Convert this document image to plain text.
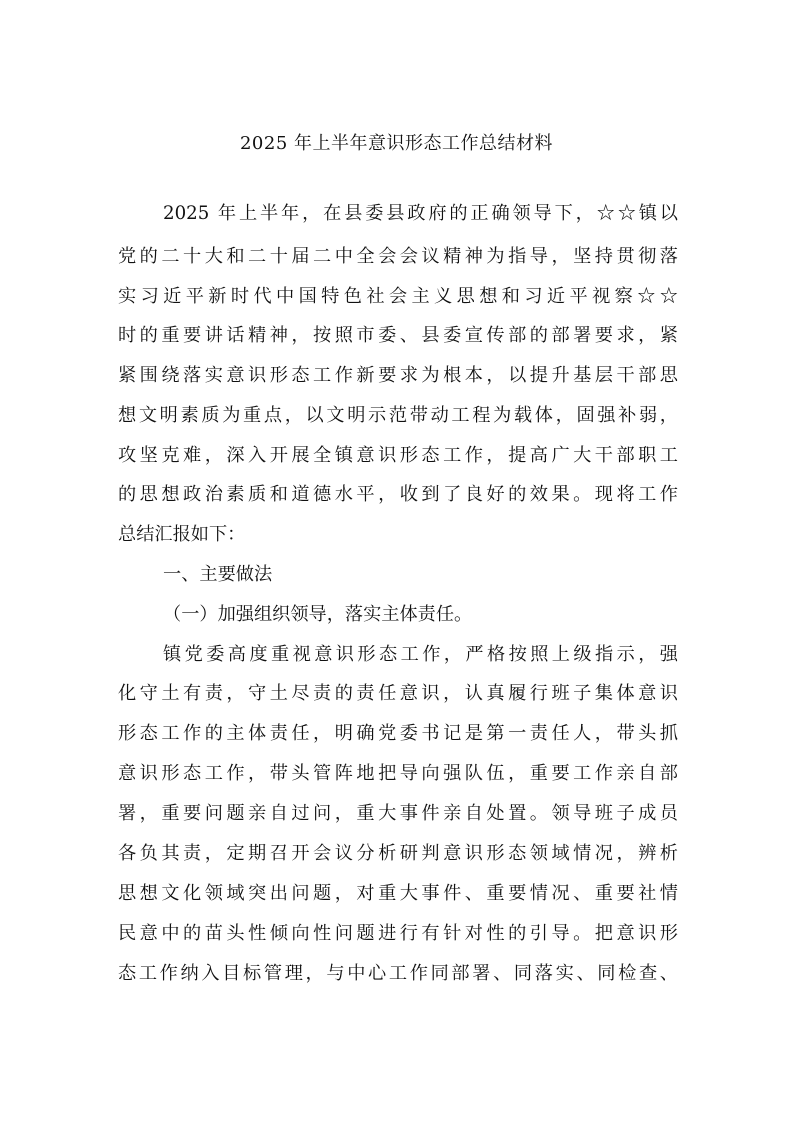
2025 年上半年意识形态工作总结材料
2025 年上半年，在县委县政府的正确领导下，☆☆镇以
党的二十大和二十届二中全会会议精神为指导，坚持贯彻落
实习近平新时代中国特色社会主义思想和习近平视察☆☆
时的重要讲话精神，按照市委、县委宣传部的部署要求，紧
紧围绕落实意识形态工作新要求为根本，以提升基层干部思
想文明素质为重点，以文明示范带动工程为载体，固强补弱，
攻坚克难，深入开展全镇意识形态工作，提高广大干部职工
的思想政治素质和道德水平，收到了良好的效果。现将工作
总结汇报如下：
一、主要做法
（一）加强组织领导，落实主体责任。
镇党委高度重视意识形态工作，严格按照上级指示，强
化守土有责，守土尽责的责任意识，认真履行班子集体意识
形态工作的主体责任，明确党委书记是第一责任人，带头抓
意识形态工作，带头管阵地把导向强队伍，重要工作亲自部
署，重要问题亲自过问，重大事件亲自处置。领导班子成员
各负其责，定期召开会议分析研判意识形态领域情况，辨析
思想文化领域突出问题，对重大事件、重要情况、重要社情
民意中的苗头性倾向性问题进行有针对性的引导。把意识形
态工作纳入目标管理，与中心工作同部署、同落实、同检查、
